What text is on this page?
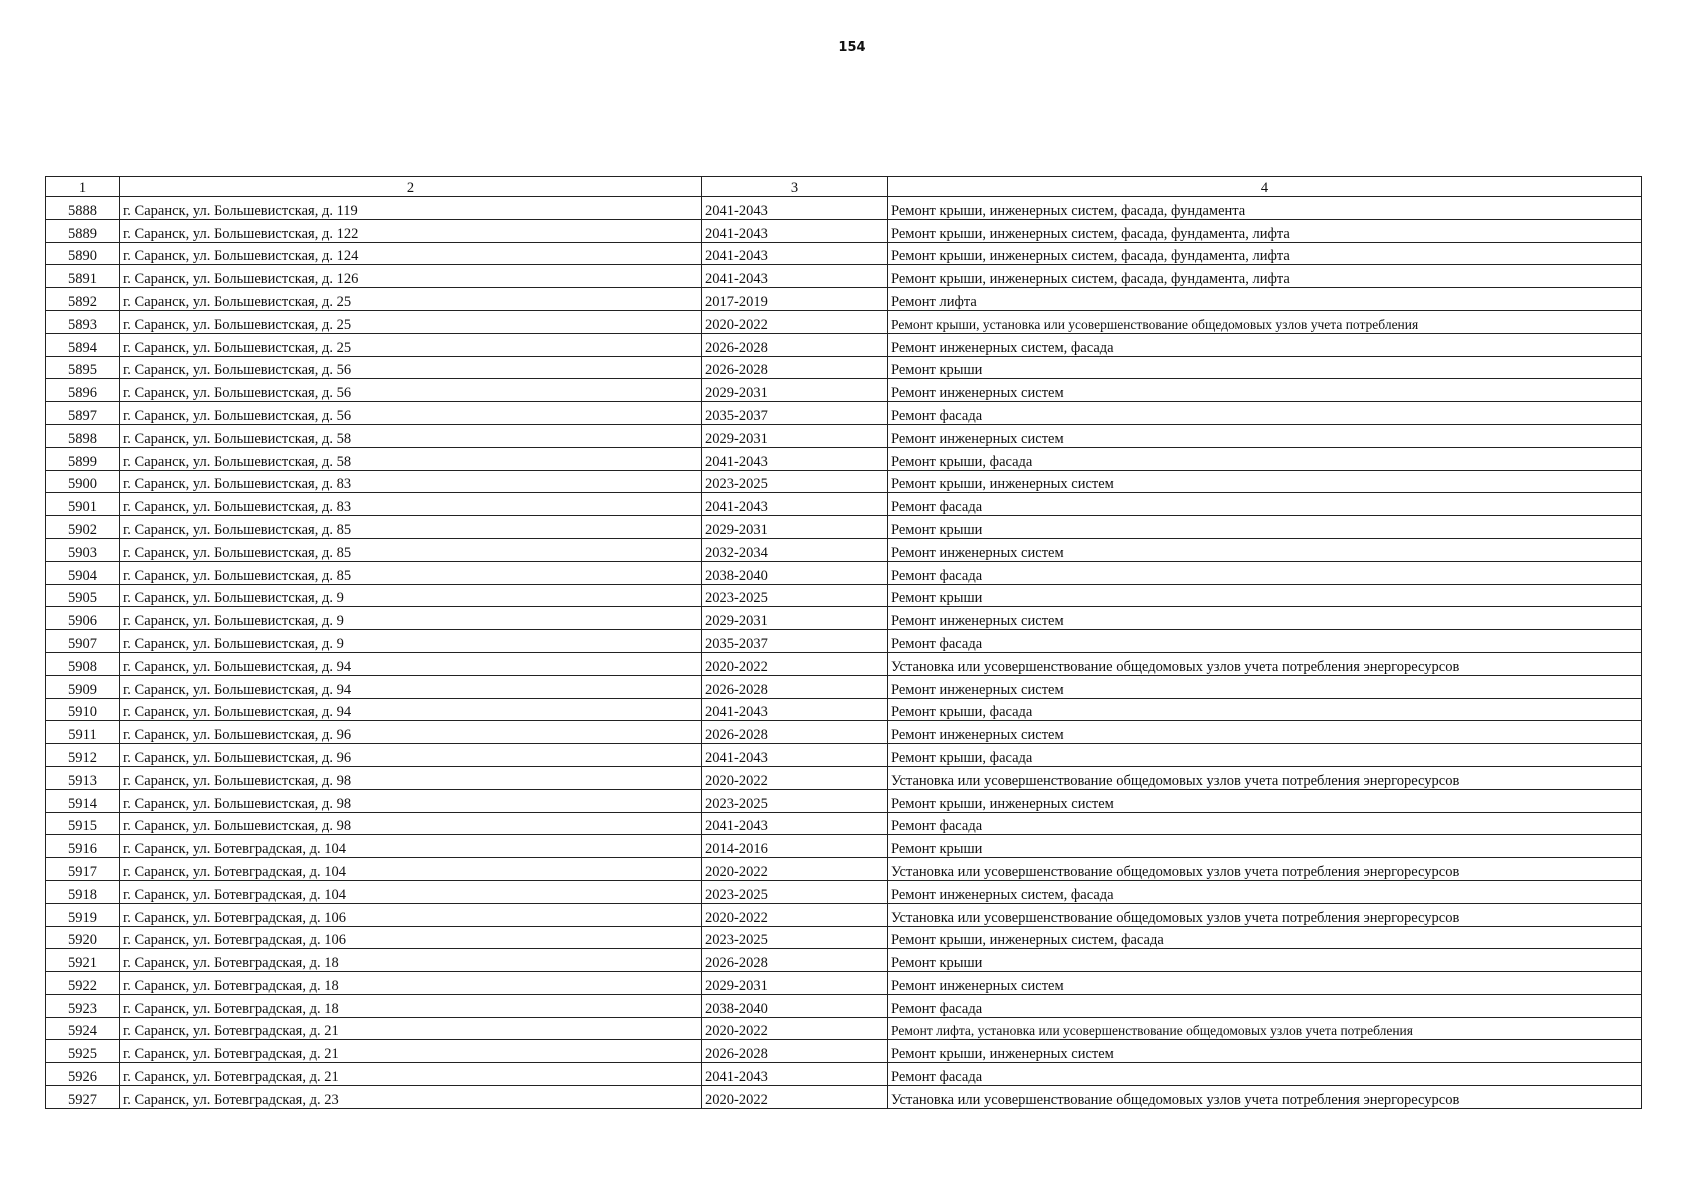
154
1	2	3	4
5888	г. Саранск, ул. Большевистская, д. 119	2041-2043	Ремонт крыши, инженерных систем, фасада, фундамента
5889	г. Саранск, ул. Большевистская, д. 122	2041-2043	Ремонт крыши, инженерных систем, фасада, фундамента, лифта
5890	г. Саранск, ул. Большевистская, д. 124	2041-2043	Ремонт крыши, инженерных систем, фасада, фундамента, лифта
5891	г. Саранск, ул. Большевистская, д. 126	2041-2043	Ремонт крыши, инженерных систем, фасада, фундамента, лифта
5892	г. Саранск, ул. Большевистская, д. 25	2017-2019	Ремонт лифта
5893	г. Саранск, ул. Большевистская, д. 25	2020-2022	Ремонт крыши, установка или усовершенствование общедомовых узлов учета потребления
5894	г. Саранск, ул. Большевистская, д. 25	2026-2028	Ремонт инженерных систем, фасада
5895	г. Саранск, ул. Большевистская, д. 56	2026-2028	Ремонт крыши
5896	г. Саранск, ул. Большевистская, д. 56	2029-2031	Ремонт инженерных систем
5897	г. Саранск, ул. Большевистская, д. 56	2035-2037	Ремонт фасада
5898	г. Саранск, ул. Большевистская, д. 58	2029-2031	Ремонт инженерных систем
5899	г. Саранск, ул. Большевистская, д. 58	2041-2043	Ремонт крыши, фасада
5900	г. Саранск, ул. Большевистская, д. 83	2023-2025	Ремонт крыши, инженерных систем
5901	г. Саранск, ул. Большевистская, д. 83	2041-2043	Ремонт фасада
5902	г. Саранск, ул. Большевистская, д. 85	2029-2031	Ремонт крыши
5903	г. Саранск, ул. Большевистская, д. 85	2032-2034	Ремонт инженерных систем
5904	г. Саранск, ул. Большевистская, д. 85	2038-2040	Ремонт фасада
5905	г. Саранск, ул. Большевистская, д. 9	2023-2025	Ремонт крыши
5906	г. Саранск, ул. Большевистская, д. 9	2029-2031	Ремонт инженерных систем
5907	г. Саранск, ул. Большевистская, д. 9	2035-2037	Ремонт фасада
5908	г. Саранск, ул. Большевистская, д. 94	2020-2022	Установка или усовершенствование общедомовых узлов учета потребления энергоресурсов
5909	г. Саранск, ул. Большевистская, д. 94	2026-2028	Ремонт инженерных систем
5910	г. Саранск, ул. Большевистская, д. 94	2041-2043	Ремонт крыши, фасада
5911	г. Саранск, ул. Большевистская, д. 96	2026-2028	Ремонт инженерных систем
5912	г. Саранск, ул. Большевистская, д. 96	2041-2043	Ремонт крыши, фасада
5913	г. Саранск, ул. Большевистская, д. 98	2020-2022	Установка или усовершенствование общедомовых узлов учета потребления энергоресурсов
5914	г. Саранск, ул. Большевистская, д. 98	2023-2025	Ремонт крыши, инженерных систем
5915	г. Саранск, ул. Большевистская, д. 98	2041-2043	Ремонт фасада
5916	г. Саранск, ул. Ботевградская, д. 104	2014-2016	Ремонт крыши
5917	г. Саранск, ул. Ботевградская, д. 104	2020-2022	Установка или усовершенствование общедомовых узлов учета потребления энергоресурсов
5918	г. Саранск, ул. Ботевградская, д. 104	2023-2025	Ремонт инженерных систем, фасада
5919	г. Саранск, ул. Ботевградская, д. 106	2020-2022	Установка или усовершенствование общедомовых узлов учета потребления энергоресурсов
5920	г. Саранск, ул. Ботевградская, д. 106	2023-2025	Ремонт крыши, инженерных систем, фасада
5921	г. Саранск, ул. Ботевградская, д. 18	2026-2028	Ремонт крыши
5922	г. Саранск, ул. Ботевградская, д. 18	2029-2031	Ремонт инженерных систем
5923	г. Саранск, ул. Ботевградская, д. 18	2038-2040	Ремонт фасада
5924	г. Саранск, ул. Ботевградская, д. 21	2020-2022	Ремонт лифта, установка или усовершенствование общедомовых узлов учета потребления
5925	г. Саранск, ул. Ботевградская, д. 21	2026-2028	Ремонт крыши, инженерных систем
5926	г. Саранск, ул. Ботевградская, д. 21	2041-2043	Ремонт фасада
5927	г. Саранск, ул. Ботевградская, д. 23	2020-2022	Установка или усовершенствование общедомовых узлов учета потребления энергоресурсов
